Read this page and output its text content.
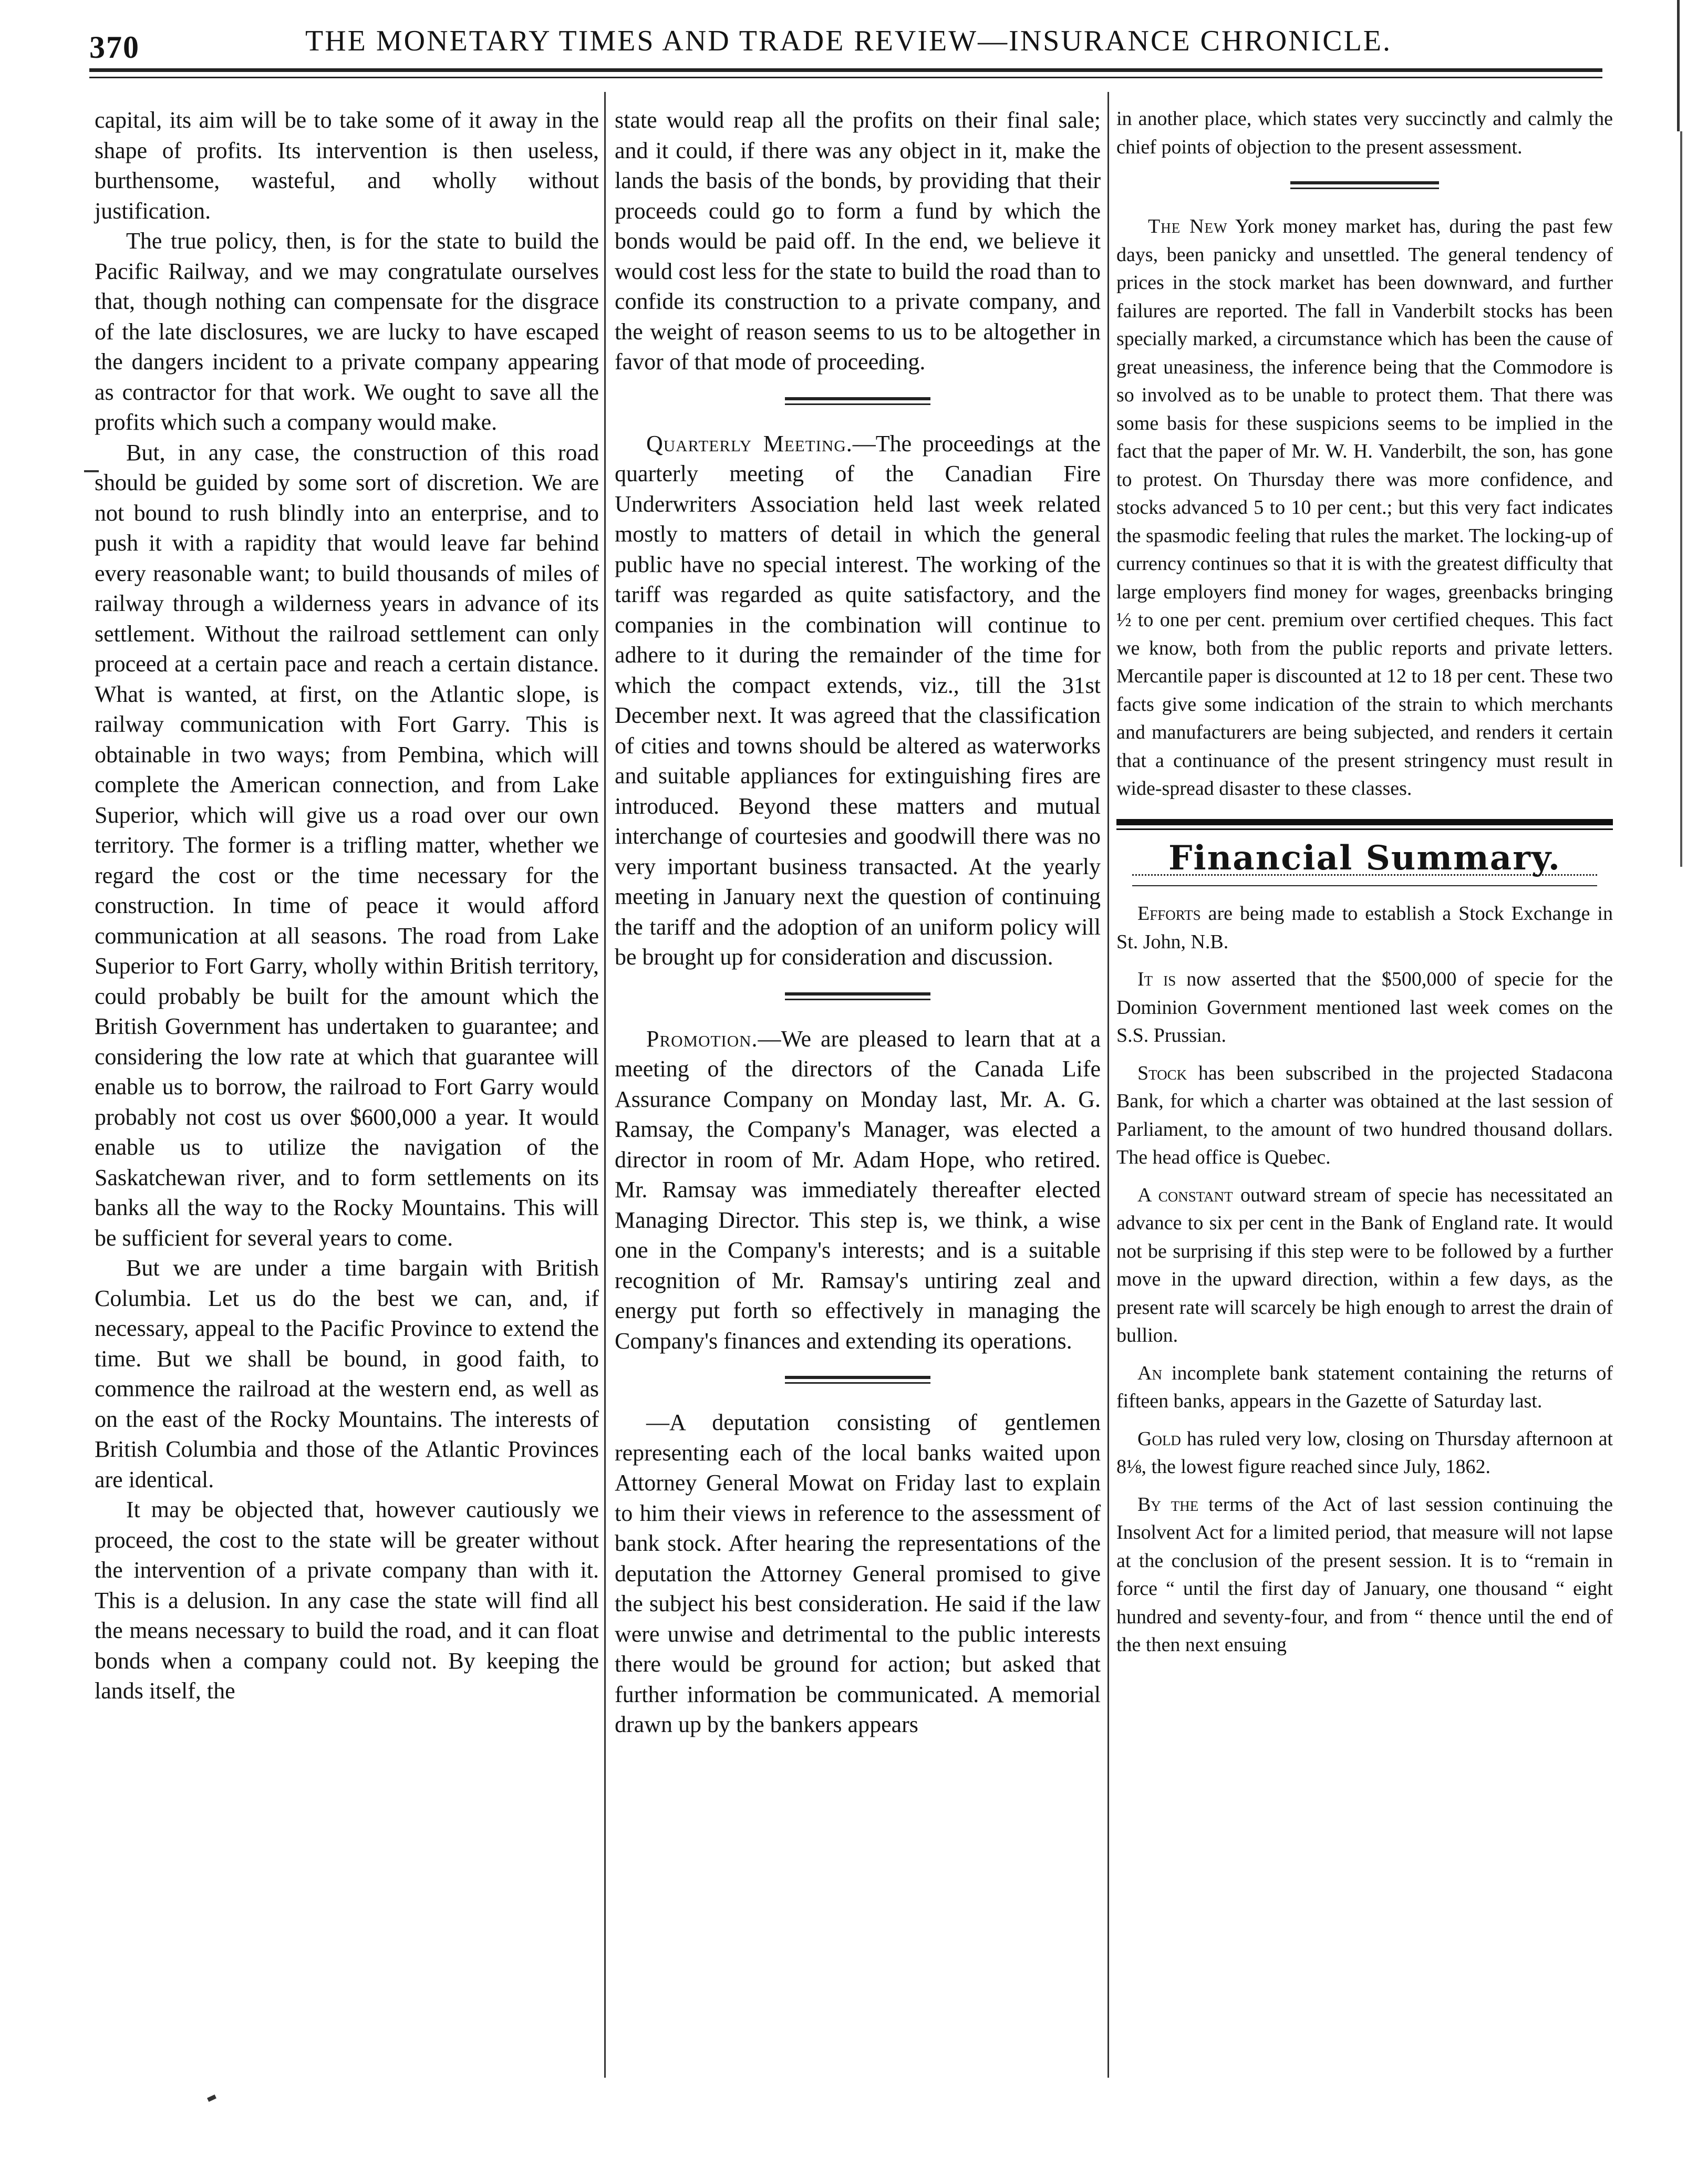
370	THE MONETARY TIMES AND TRADE REVIEW—INSURANCE CHRONICLE.

capital, its aim will be to take some of it away in the shape of profits. Its intervention is then useless, burthensome, wasteful, and wholly without justification.

The true policy, then, is for the state to build the Pacific Railway, and we may congratulate ourselves that, though nothing can compensate for the disgrace of the late disclosures, we are lucky to have escaped the dangers incident to a private company appearing as contractor for that work. We ought to save all the profits which such a company would make.

But, in any case, the construction of this road should be guided by some sort of discretion. We are not bound to rush blindly into an enterprise, and to push it with a rapidity that would leave far behind every reasonable want; to build thousands of miles of railway through a wilderness years in advance of its settlement. Without the railroad settlement can only proceed at a certain pace and reach a certain distance. What is wanted, at first, on the Atlantic slope, is railway communication with Fort Garry. This is obtainable in two ways; from Pembina, which will complete the American connection, and from Lake Superior, which will give us a road over our own territory. The former is a trifling matter, whether we regard the cost or the time necessary for the construction. In time of peace it would afford communication at all seasons. The road from Lake Superior to Fort Garry, wholly within British territory, could probably be built for the amount which the British Government has undertaken to guarantee; and considering the low rate at which that guarantee will enable us to borrow, the railroad to Fort Garry would probably not cost us over $600,000 a year. It would enable us to utilize the navigation of the Saskatchewan river, and to form settlements on its banks all the way to the Rocky Mountains. This will be sufficient for several years to come.

But we are under a time bargain with British Columbia. Let us do the best we can, and, if necessary, appeal to the Pacific Province to extend the time. But we shall be bound, in good faith, to commence the railroad at the western end, as well as on the east of the Rocky Mountains. The interests of British Columbia and those of the Atlantic Provinces are identical.

It may be objected that, however cautiously we proceed, the cost to the state will be greater without the intervention of a private company than with it. This is a delusion. In any case the state will find all the means necessary to build the road, and it can float bonds when a company could not. By keeping the lands itself, the

state would reap all the profits on their final sale; and it could, if there was any object in it, make the lands the basis of the bonds, by providing that their proceeds could go to form a fund by which the bonds would be paid off. In the end, we believe it would cost less for the state to build the road than to confide its construction to a private company, and the weight of reason seems to us to be altogether in favor of that mode of proceeding.

Quarterly Meeting.—The proceedings at the quarterly meeting of the Canadian Fire Underwriters Association held last week related mostly to matters of detail in which the general public have no special interest. The working of the tariff was regarded as quite satisfactory, and the companies in the combination will continue to adhere to it during the remainder of the time for which the compact extends, viz., till the 31st December next. It was agreed that the classification of cities and towns should be altered as waterworks and suitable appliances for extinguishing fires are introduced. Beyond these matters and mutual interchange of courtesies and goodwill there was no very important business transacted. At the yearly meeting in January next the question of continuing the tariff and the adoption of an uniform policy will be brought up for consideration and discussion.

Promotion.—We are pleased to learn that at a meeting of the directors of the Canada Life Assurance Company on Monday last, Mr. A. G. Ramsay, the Company's Manager, was elected a director in room of Mr. Adam Hope, who retired. Mr. Ramsay was immediately thereafter elected Managing Director. This step is, we think, a wise one in the Company's interests; and is a suitable recognition of Mr. Ramsay's untiring zeal and energy put forth so effectively in managing the Company's finances and extending its operations.

—A deputation consisting of gentlemen representing each of the local banks waited upon Attorney General Mowat on Friday last to explain to him their views in reference to the assessment of bank stock. After hearing the representations of the deputation the Attorney General promised to give the subject his best consideration. He said if the law were unwise and detrimental to the public interests there would be ground for action; but asked that further information be communicated. A memorial drawn up by the bankers appears

in another place, which states very succinctly and calmly the chief points of objection to the present assessment.

The New York money market has, during the past few days, been panicky and unsettled. The general tendency of prices in the stock market has been downward, and further failures are reported. The fall in Vanderbilt stocks has been specially marked, a circumstance which has been the cause of great uneasiness, the inference being that the Commodore is so involved as to be unable to protect them. That there was some basis for these suspicions seems to be implied in the fact that the paper of Mr. W. H. Vanderbilt, the son, has gone to protest. On Thursday there was more confidence, and stocks advanced 5 to 10 per cent.; but this very fact indicates the spasmodic feeling that rules the market. The locking-up of currency continues so that it is with the greatest difficulty that large employers find money for wages, greenbacks bringing ½ to one per cent. premium over certified cheques. This fact we know, both from the public reports and private letters. Mercantile paper is discounted at 12 to 18 per cent. These two facts give some indication of the strain to which merchants and manufacturers are being subjected, and renders it certain that a continuance of the present stringency must result in wide-spread disaster to these classes.

Financial Summary.

Efforts are being made to establish a Stock Exchange in St. John, N.B.

It is now asserted that the $500,000 of specie for the Dominion Government mentioned last week comes on the S.S. Prussian.

Stock has been subscribed in the projected Stadacona Bank, for which a charter was obtained at the last session of Parliament, to the amount of two hundred thousand dollars. The head office is Quebec.

A constant outward stream of specie has necessitated an advance to six per cent in the Bank of England rate. It would not be surprising if this step were to be followed by a further move in the upward direction, within a few days, as the present rate will scarcely be high enough to arrest the drain of bullion.

An incomplete bank statement containing the returns of fifteen banks, appears in the Gazette of Saturday last.

Gold has ruled very low, closing on Thursday afternoon at 8⅛, the lowest figure reached since July, 1862.

By the terms of the Act of last session continuing the Insolvent Act for a limited period, that measure will not lapse at the conclusion of the present session. It is to “remain in force “ until the first day of January, one thousand “ eight hundred and seventy-four, and from “ thence until the end of the then next ensuing
